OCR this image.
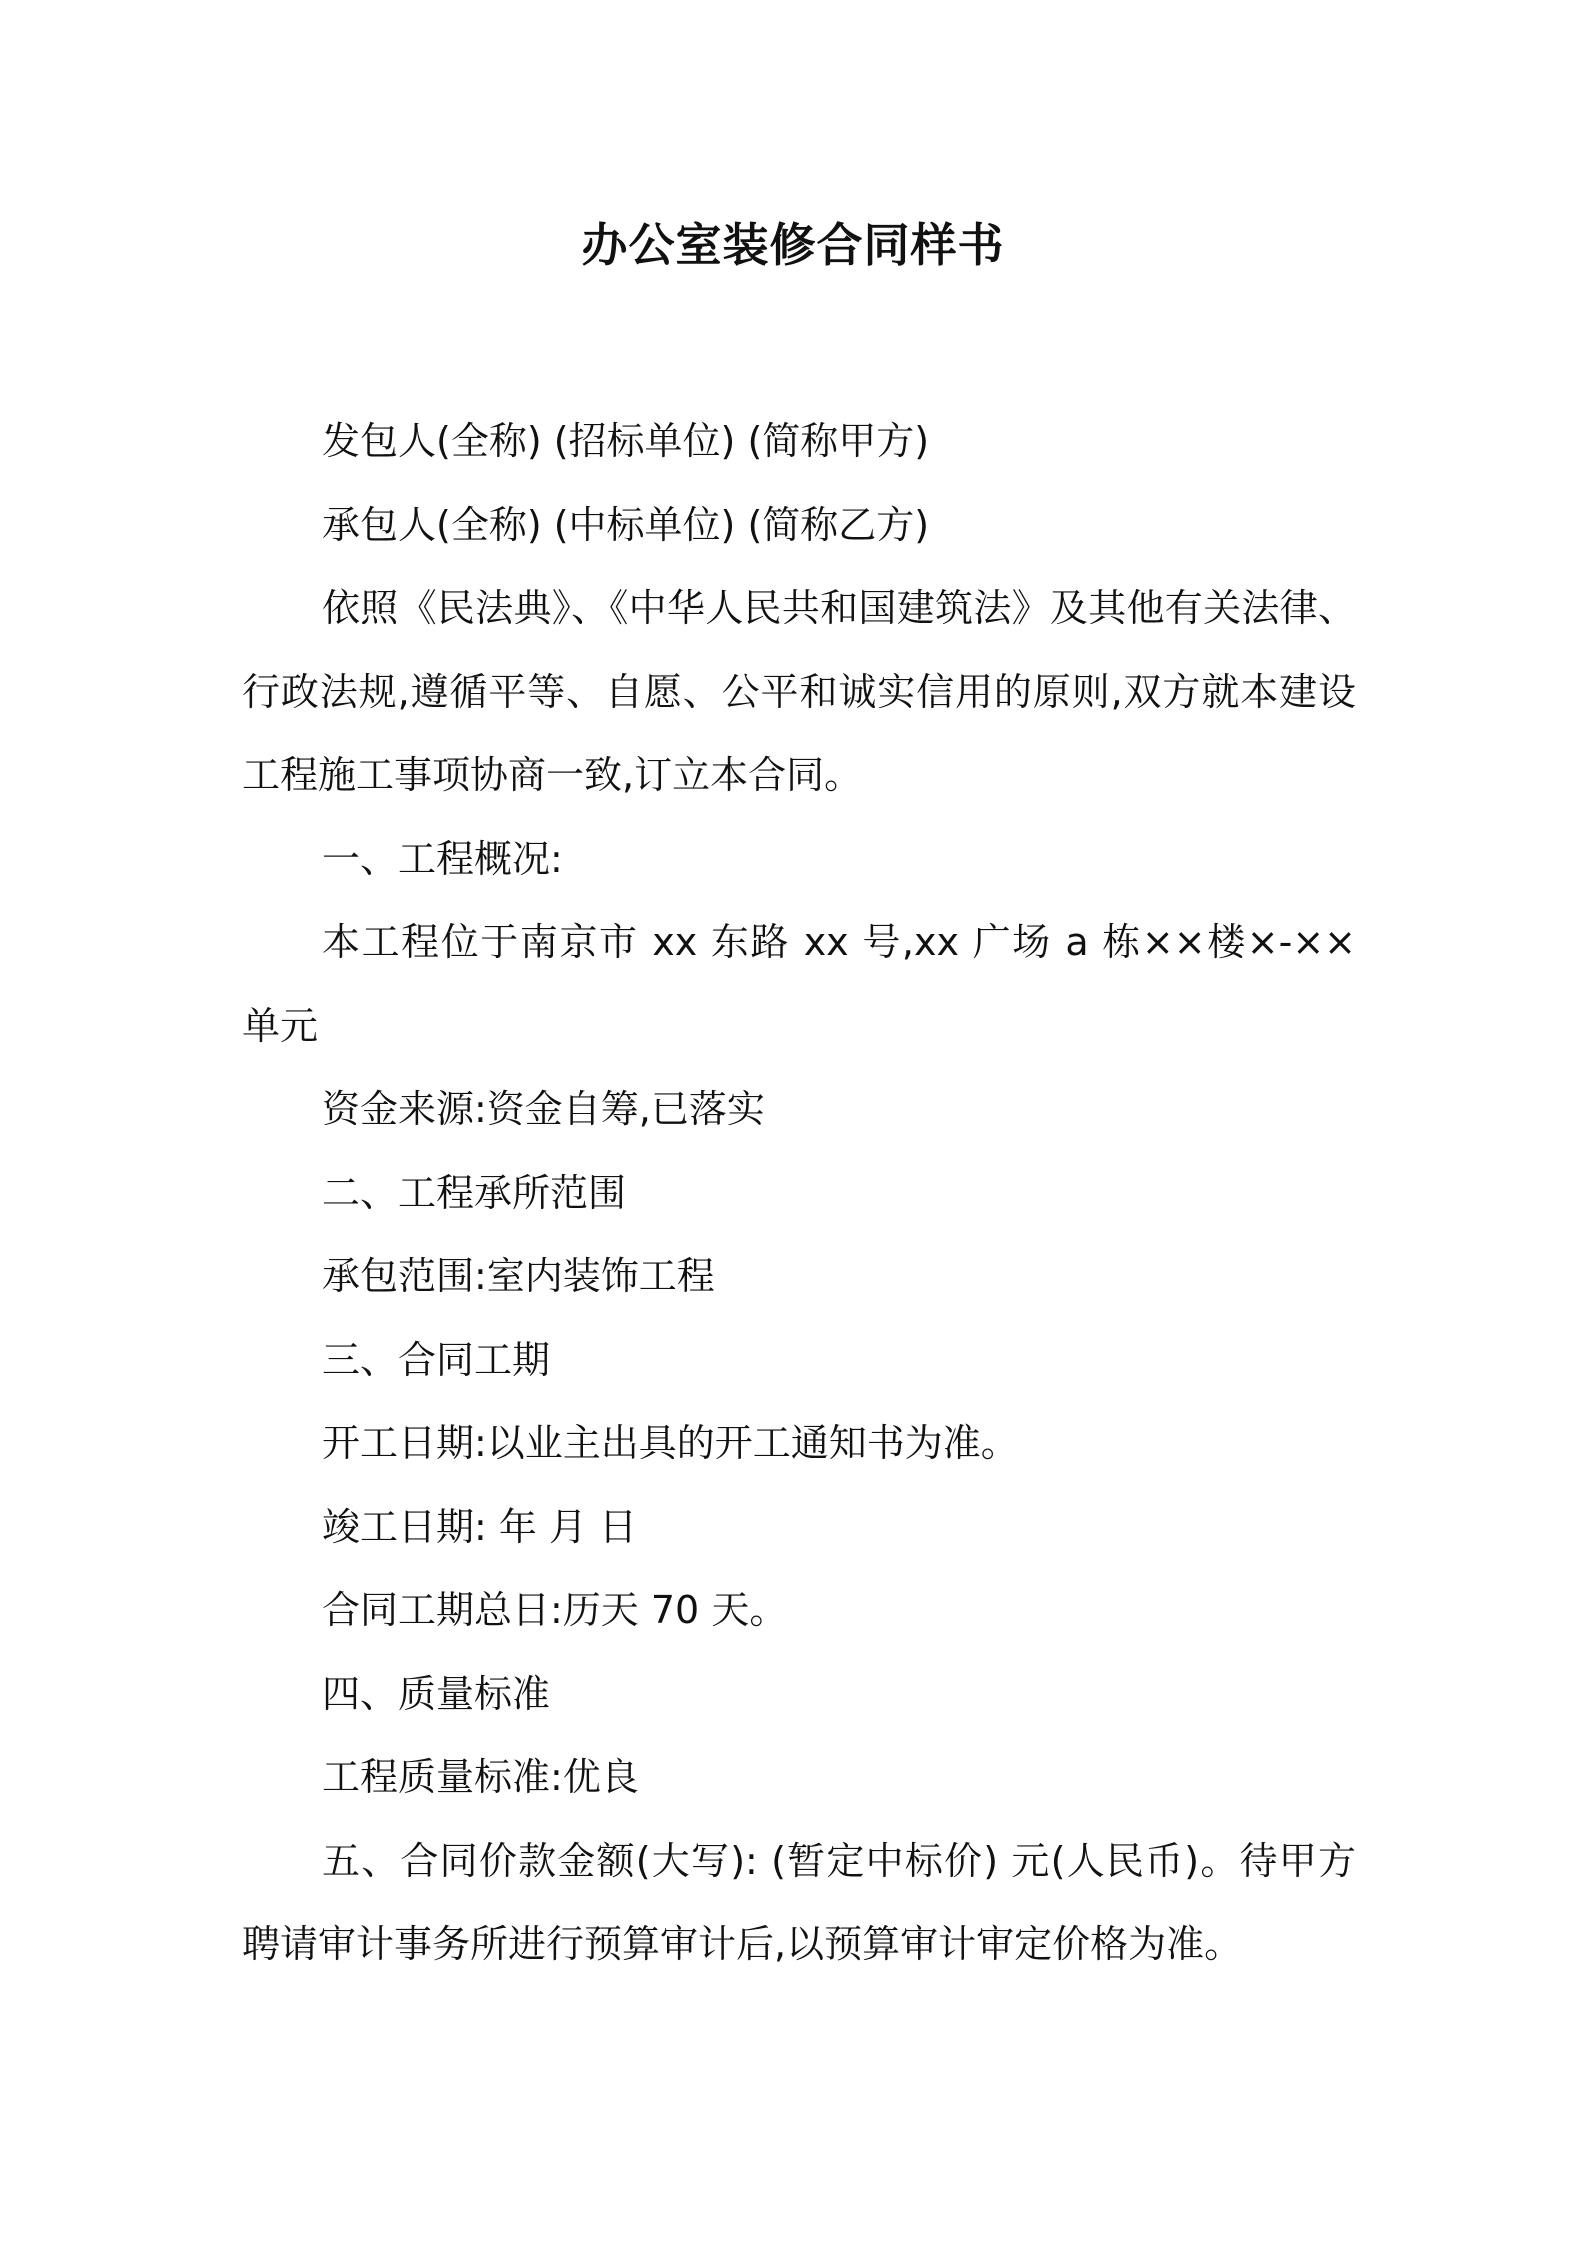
办公室装修合同样书

发包人(全称) (招标单位) (简称甲方)

承包人(全称) (中标单位) (简称乙方)

依照《民法典》、《中华人民共和国建筑法》及其他有关法律、行政法规,遵循平等、自愿、公平和诚实信用的原则,双方就本建设工程施工事项协商一致,订立本合同。

一、工程概况:

本工程位于南京市 xx 东路 xx 号,xx 广场 a 栋××楼×-××单元

资金来源:资金自筹,已落实

二、工程承所范围

承包范围:室内装饰工程

三、合同工期

开工日期:以业主出具的开工通知书为准。

竣工日期: 年 月 日

合同工期总日:历天 70 天。

四、质量标准

工程质量标准:优良

五、合同价款金额(大写): (暂定中标价) 元(人民币)。待甲方聘请审计事务所进行预算审计后,以预算审计审定价格为准。
